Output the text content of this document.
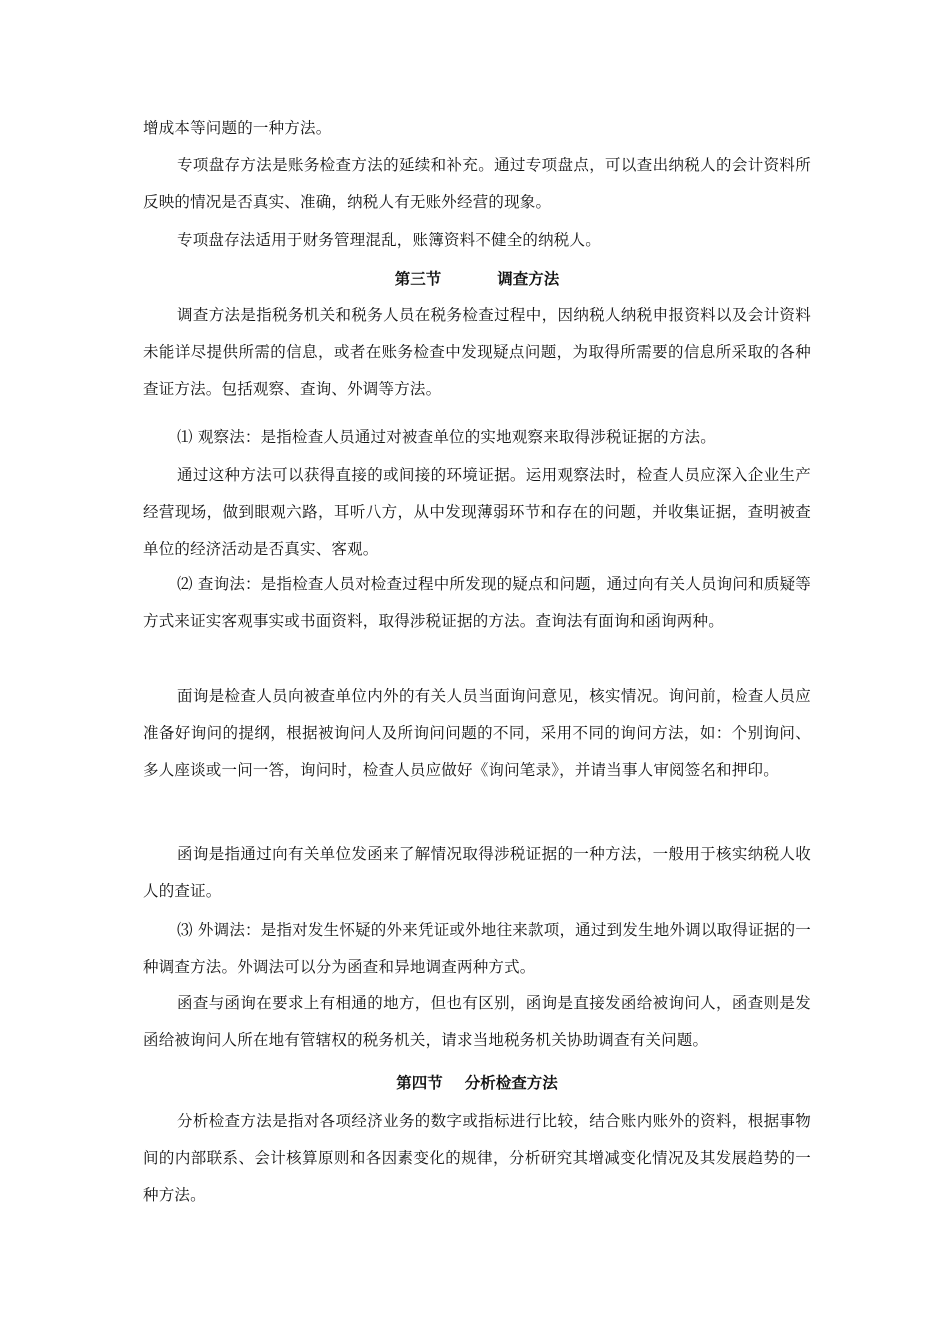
增成本等问题的一种方法。

专项盘存方法是账务检查方法的延续和补充。通过专项盘点，可以查出纳税人的会计资料所反映的情况是否真实、准确，纳税人有无账外经营的现象。

专项盘存法适用于财务管理混乱，账簿资料不健全的纳税人。

第三节	调查方法

调查方法是指税务机关和税务人员在税务检查过程中，因纳税人纳税申报资料以及会计资料未能详尽提供所需的信息，或者在账务检查中发现疑点问题，为取得所需要的信息所采取的各种查证方法。包括观察、查询、外调等方法。

⑴ 观察法：是指检查人员通过对被查单位的实地观察来取得涉税证据的方法。

通过这种方法可以获得直接的或间接的环境证据。运用观察法时，检查人员应深入企业生产经营现场，做到眼观六路，耳听八方，从中发现薄弱环节和存在的问题，并收集证据，查明被查单位的经济活动是否真实、客观。

⑵ 查询法：是指检查人员对检查过程中所发现的疑点和问题，通过向有关人员询问和质疑等方式来证实客观事实或书面资料，取得涉税证据的方法。查询法有面询和函询两种。

面询是检查人员向被查单位内外的有关人员当面询问意见，核实情况。询问前，检查人员应准备好询问的提纲，根据被询问人及所询问问题的不同，采用不同的询问方法，如：个别询问、多人座谈或一问一答，询问时，检查人员应做好《询问笔录》，并请当事人审阅签名和押印。

函询是指通过向有关单位发函来了解情况取得涉税证据的一种方法，一般用于核实纳税人收人的查证。

⑶ 外调法：是指对发生怀疑的外来凭证或外地往来款项，通过到发生地外调以取得证据的一种调查方法。外调法可以分为函查和异地调查两种方式。

函查与函询在要求上有相通的地方，但也有区别，函询是直接发函给被询问人，函查则是发函给被询问人所在地有管辖权的税务机关，请求当地税务机关协助调查有关问题。

第四节 分析检查方法

分析检查方法是指对各项经济业务的数字或指标进行比较，结合账内账外的资料，根据事物间的内部联系、会计核算原则和各因素变化的规律，分析研究其增减变化情况及其发展趋势的一种方法。
